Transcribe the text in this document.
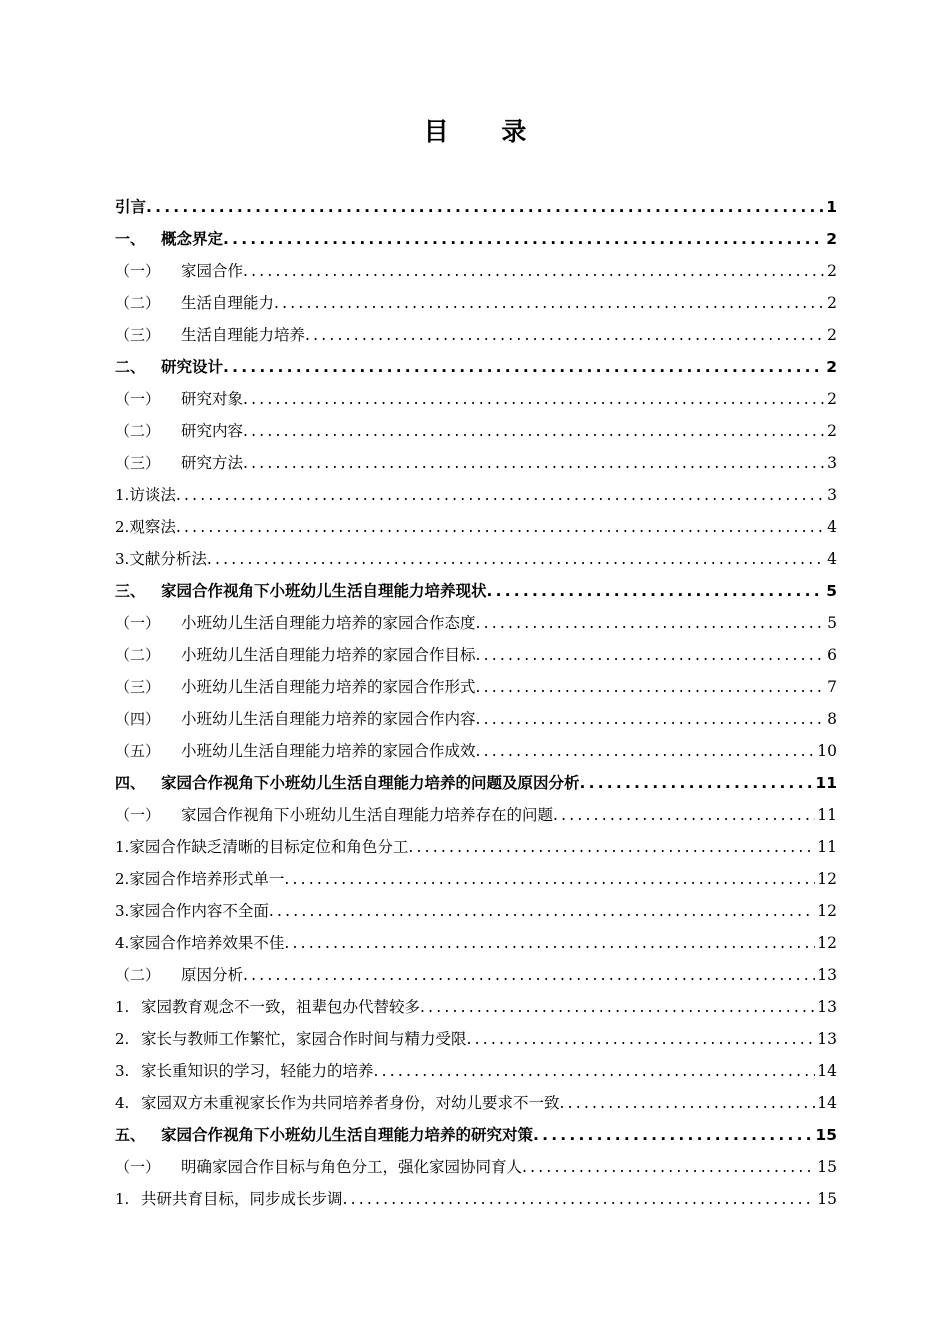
目 录
引言 .....	1
一、	概念界定 .....	2
（一）	家园合作 .....	2
（二）	生活自理能力 .....	2
（三）	生活自理能力培养 .....	2
二、	研究设计 .....	2
（一）	研究对象 .....	2
（二）	研究内容 .....	2
（三）	研究方法 .....	3
1. 访谈法 .....	3
2. 观察法 .....	4
3. 文献分析法 .....	4
三、	家园合作视角下小班幼儿生活自理能力培养现状 .....	5
（一）	小班幼儿生活自理能力培养的家园合作态度 .....	5
（二）	小班幼儿生活自理能力培养的家园合作目标 .....	6
（三）	小班幼儿生活自理能力培养的家园合作形式 .....	7
（四）	小班幼儿生活自理能力培养的家园合作内容 .....	8
（五）	小班幼儿生活自理能力培养的家园合作成效 .....	10
四、	家园合作视角下小班幼儿生活自理能力培养的问题及原因分析 .....	11
（一）	家园合作视角下小班幼儿生活自理能力培养存在的问题 .....	11
1. 家园合作缺乏清晰的目标定位和角色分工 .....	11
2. 家园合作培养形式单一 .....	12
3. 家园合作内容不全面 .....	12
4. 家园合作培养效果不佳 .....	12
（二）	原因分析 .....	13
1. 家园教育观念不一致，祖辈包办代替较多 .....	13
2. 家长与教师工作繁忙，家园合作时间与精力受限 .....	13
3. 家长重知识的学习，轻能力的培养 .....	14
4. 家园双方未重视家长作为共同培养者身份，对幼儿要求不一致 .....	14
五、	家园合作视角下小班幼儿生活自理能力培养的研究对策 .....	15
（一）	明确家园合作目标与角色分工，强化家园协同育人 .....	15
1. 共研共育目标，同步成长步调 .....	15
